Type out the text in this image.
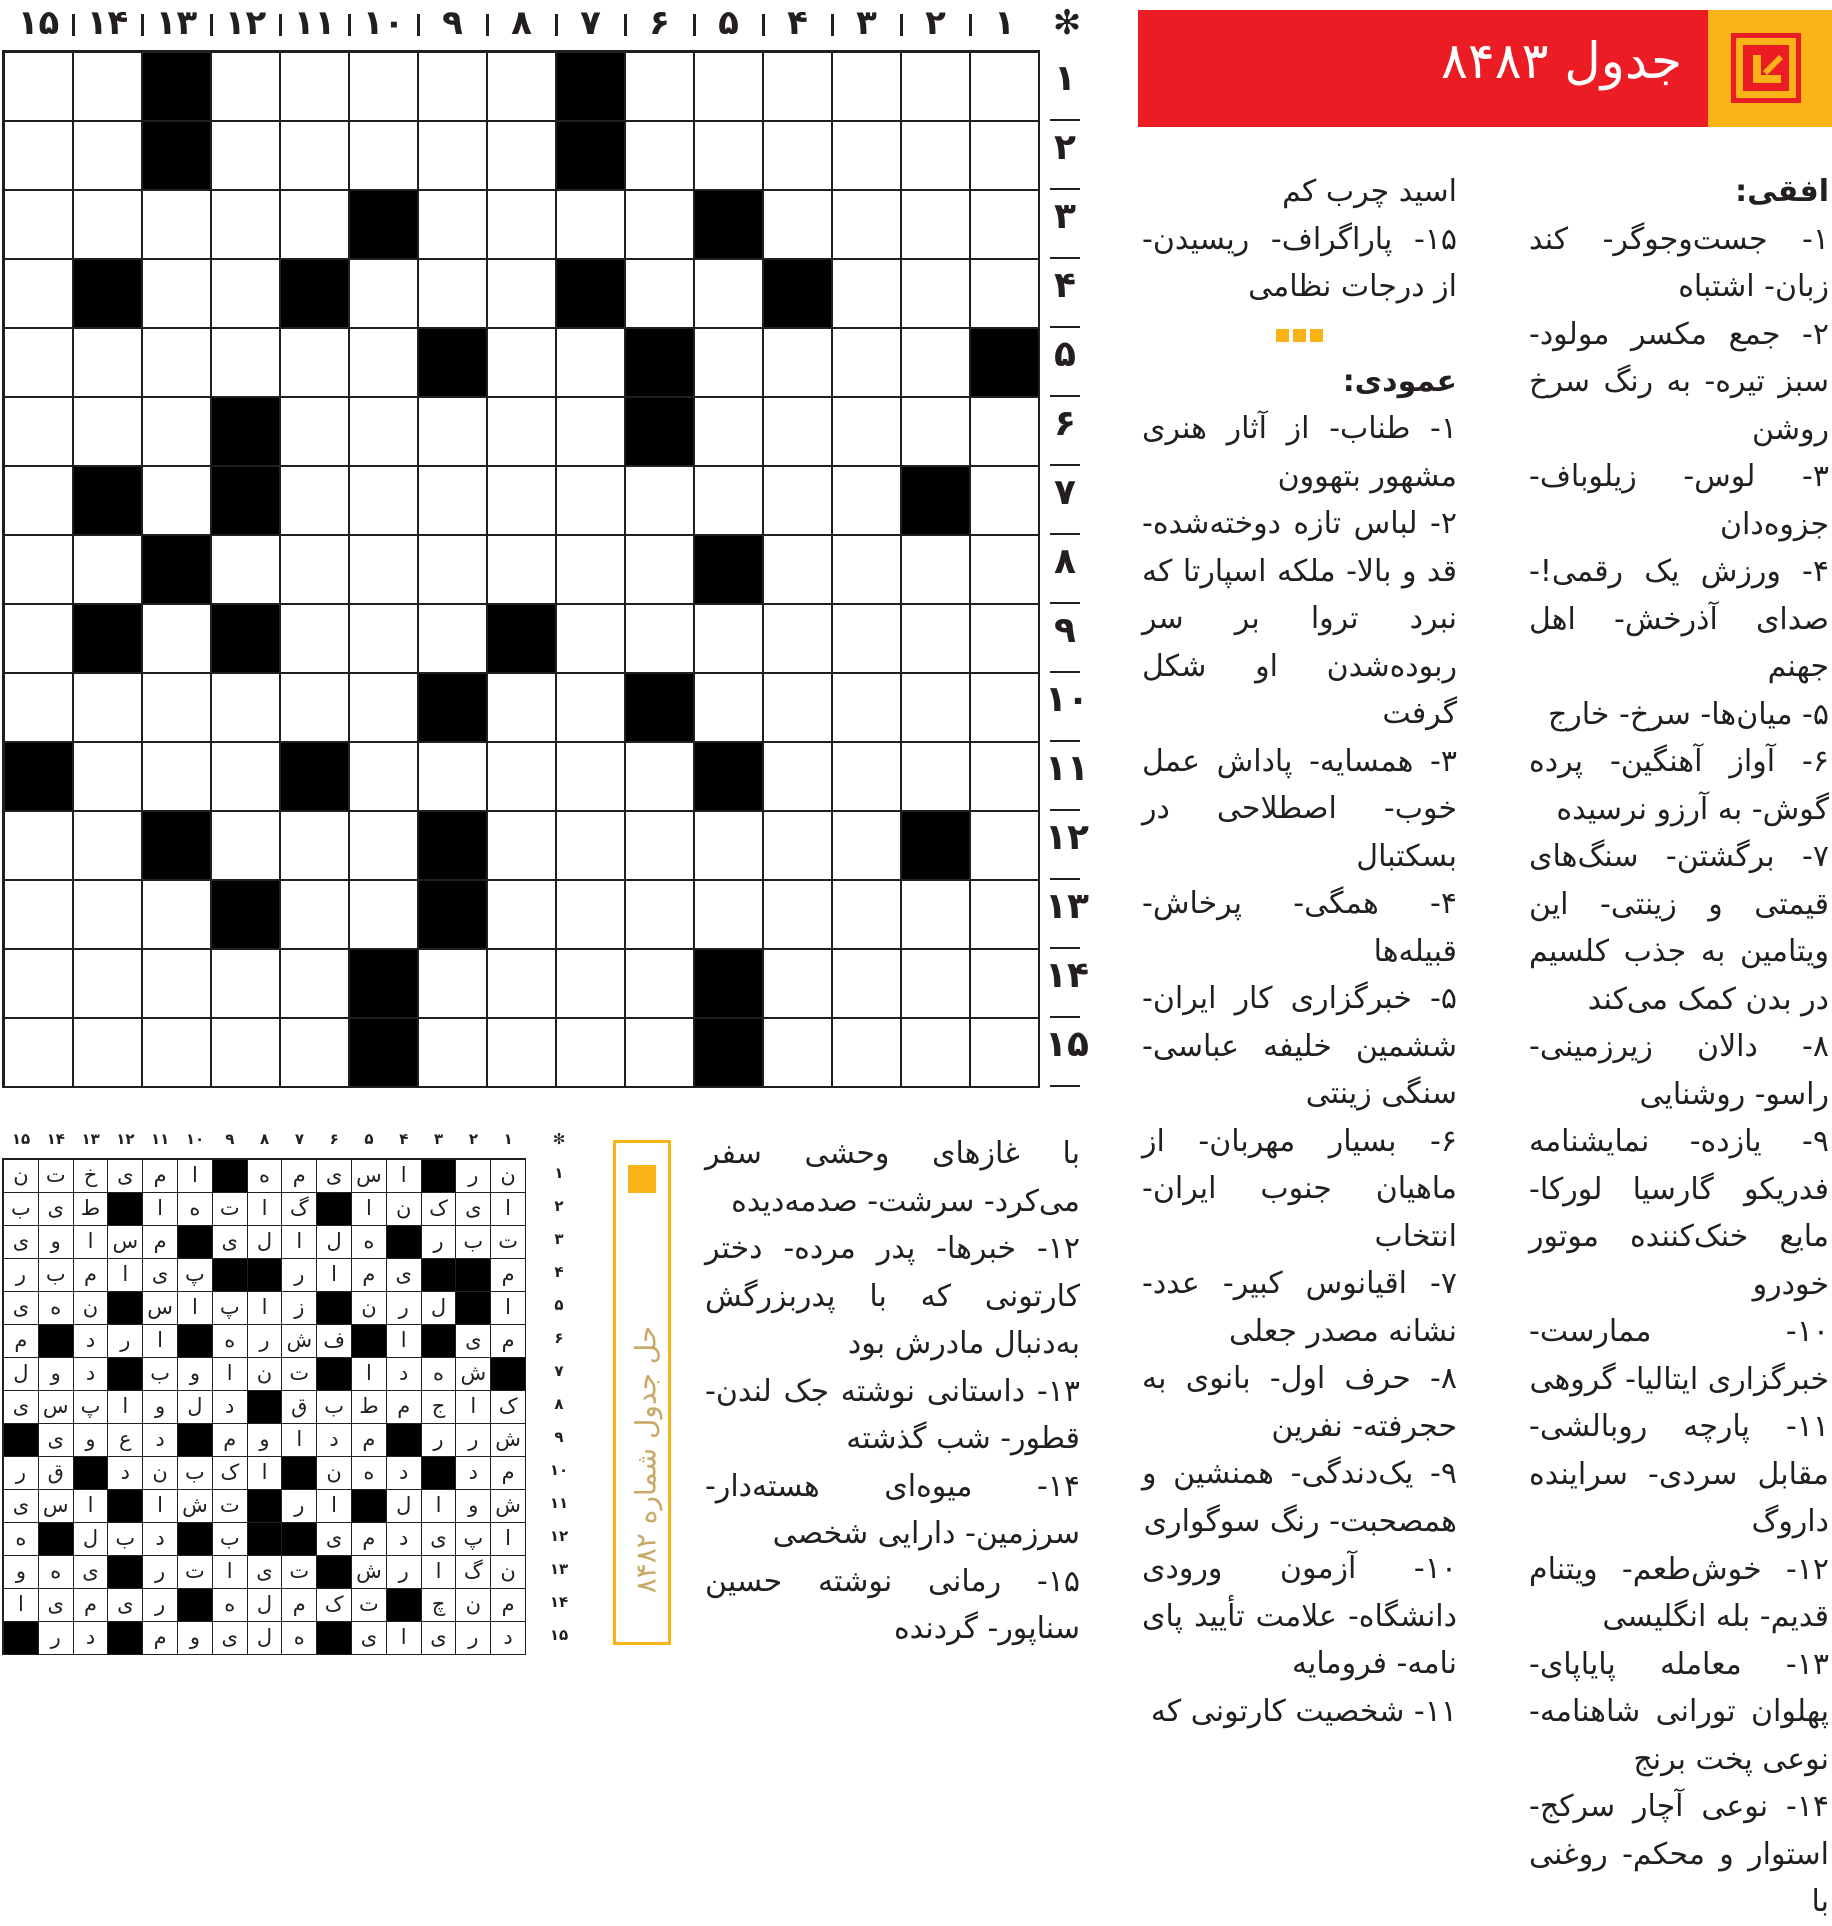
جدول ۸۴۸۳
✻
۱
۲
۳
۴
۵
۶
۷
۸
۹
۱۰
۱۱
۱۲
۱۳
۱۴
۱۵
۱
۲
۳
۴
۵
۶
۷
۸
۹
۱۰
۱۱
۱۲
۱۳
۱۴
۱۵
افقی:
۱- جست‌وجوگر- کند زبان- اشتباه
۲- جمع مکسر مولود- سبز تیره- به رنگ سرخ روشن
۳- لوس- زیلوباف- جزوه‌دان
۴- ورزش یک رقمی!- صدای آذرخش- اهل جهنم
۵- میان‌ها- سرخ- خارج
۶- آواز آهنگین- پرده گوش- به آرزو نرسیده
۷- برگشتن- سنگ‌های قیمتی و زینتی- این ویتامین به جذب کلسیم در بدن کمک می‌کند
۸- دالان زیرزمینی- راسو- روشنایی
۹- یازده- نمایشنامه فدریکو گارسیا لورکا- مایع خنک‌کننده موتور خودرو
۱۰- ممارست- خبرگزاری ایتالیا- گروهی
۱۱- پارچه روبالشی- مقابل سردی- سراینده داروگ
۱۲- خوش‌طعم- ویتنام قدیم- بله انگلیسی
۱۳- معامله پاياپای- پهلوان تورانی شاهنامه- نوعی پخت برنج
۱۴- نوعی آچار سرکج- استوار و محکم- روغنی با
اسید چرب کم
۱۵- پاراگراف- ریسیدن- از درجات نظامی
عمودی:
۱- طناب- از آثار هنری مشهور بتهوون
۲- لباس تازه دوخته‌شده- قد و بالا- ملکه اسپارتا که نبرد تروا بر سر ربوده‌شدن او شکل گرفت
۳- همسایه- پاداش عمل خوب- اصطلاحی در بسکتبال
۴- همگی- پرخاش- قبیله‌ها
۵- خبرگزاری کار ایران- ششمین خلیفه عباسی- سنگی زینتی
۶- بسیار مهربان- از ماهیان جنوب ایران- انتخاب
۷- اقیانوس کبیر- عدد- نشانه مصدر جعلی
۸- حرف اول- بانوی به حجرفته- نفرین
۹- یک‌دندگی- همنشین و همصحبت- رنگ سوگواری
۱۰- آزمون ورودی دانشگاه- علامت تأیید پای نامه- فرومایه
۱۱- شخصیت کارتونی که
با غازهای وحشی سفر می‌کرد- سرشت- صدمه‌دیده
۱۲- خبرها- پدر مرده- دختر کارتونی که با پدربزرگش به‌دنبال مادرش بود
۱۳- داستانی نوشته جک لندن- قطور- شب گذشته
۱۴- میوه‌ای هسته‌دار- سرزمین- دارایی شخصی
۱۵- رمانی نوشته حسین سناپور- گردنده
حل جدول شماره ۸۴۸۲
✻
۱
۲
۳
۴
۵
۶
۷
۸
۹
۱۰
۱۱
۱۲
۱۳
۱۴
۱۵
ن
ر
ا
س
ی
م
ه
ا
م
ی
خ
ت
ن
ا
ی
ک
ن
ا
گ
ا
ت
ه
ا
ط
ی
ب
ت
ب
ر
ه
ل
ا
ل
ی
م
س
ا
و
ی
م
ی
م
ا
ر
پ
ی
ا
م
ب
ر
ا
ل
ر
ن
ز
ا
پ
ا
س
ن
ه
ی
م
ی
ا
ف
ش
ر
ه
ا
ر
د
م
ش
ه
د
ا
ت
ن
ا
و
ب
د
و
ل
ک
ا
ج
م
ط
ب
ق
د
ل
و
ا
پ
س
ی
ش
ر
ر
م
د
ا
و
م
د
ع
و
ی
م
د
د
ه
ن
ا
ک
ب
ن
د
ق
ر
ش
و
ا
ل
ا
ر
ت
ش
ا
ا
س
ی
ا
پ
ی
د
م
ی
ب
د
ب
ل
ه
ن
گ
ا
ر
ش
ت
ی
ا
ت
ر
ی
ه
و
م
ن
چ
ت
ک
م
ل
ه
ر
ی
م
ی
ا
د
ر
ی
ا
ی
ه
ل
ی
و
م
د
ر
۱
۲
۳
۴
۵
۶
۷
۸
۹
۱۰
۱۱
۱۲
۱۳
۱۴
۱۵
